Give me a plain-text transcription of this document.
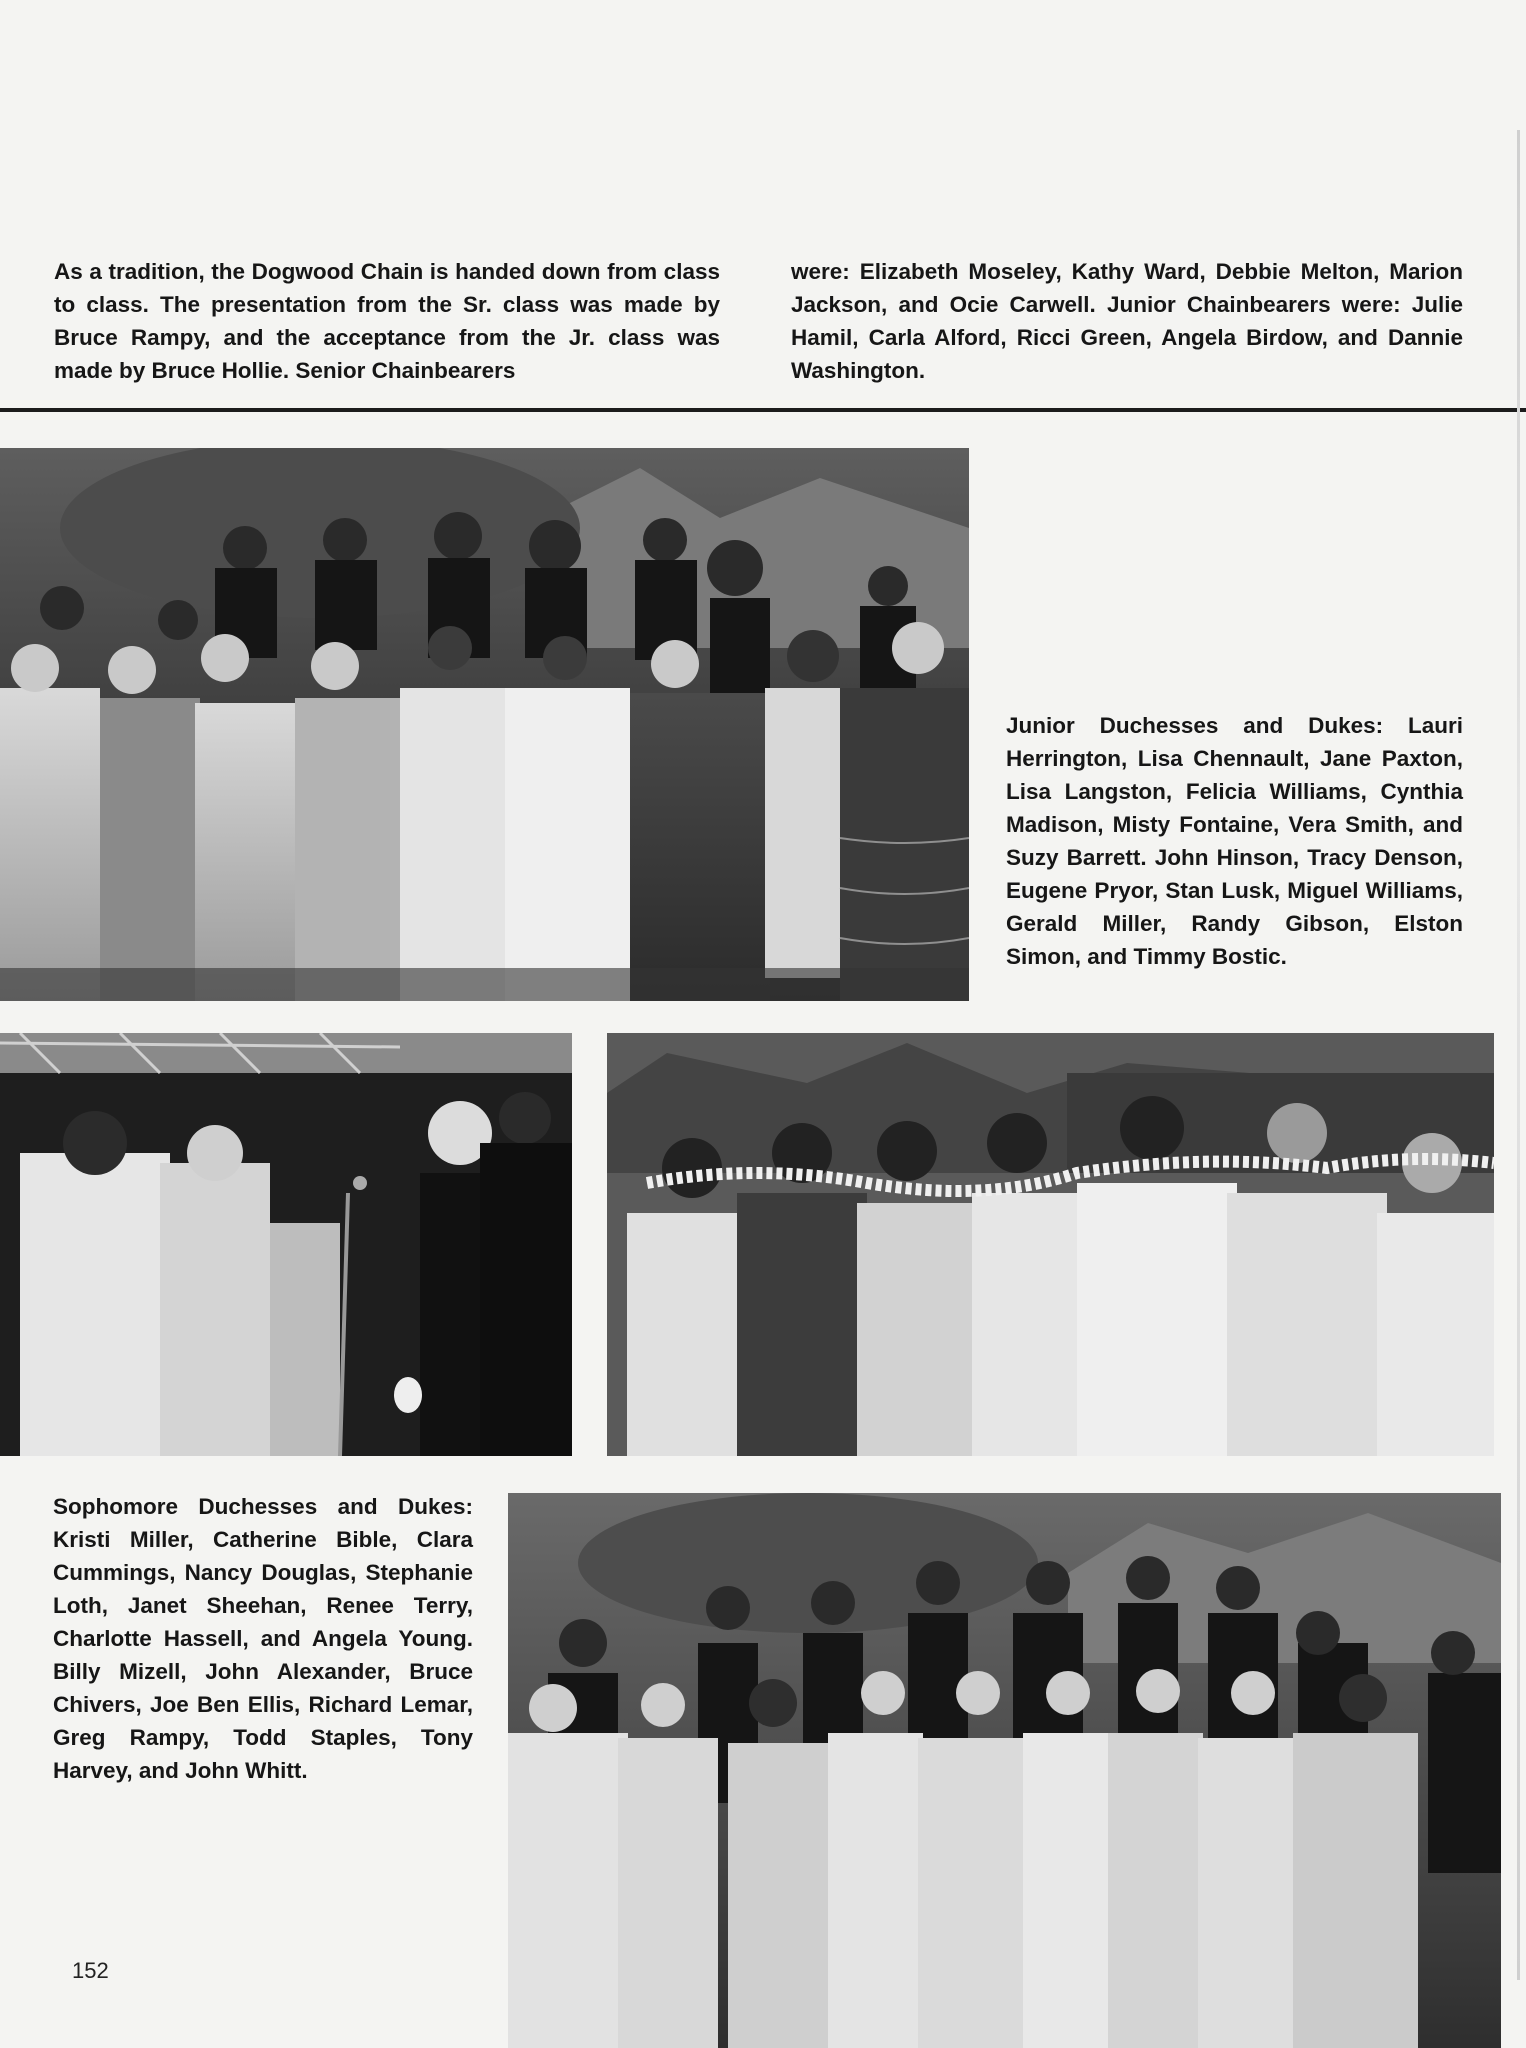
As a tradition, the Dogwood Chain is handed down from class to class. The presentation from the Sr. class was made by Bruce Rampy, and the acceptance from the Jr. class was made by Bruce Hollie. Senior Chainbearers

were: Elizabeth Moseley, Kathy Ward, Debbie Melton, Marion Jackson, and Ocie Carwell. Junior Chainbearers were: Julie Hamil, Carla Alford, Ricci Green, Angela Birdow, and Dannie Washington.

Junior Duchesses and Dukes: Lauri Herrington, Lisa Chennault, Jane Paxton, Lisa Langston, Felicia Williams, Cynthia Madison, Misty Fontaine, Vera Smith, and Suzy Barrett. John Hinson, Tracy Denson, Eugene Pryor, Stan Lusk, Miguel Williams, Gerald Miller, Randy Gibson, Elston Simon, and Timmy Bostic.

Sophomore Duchesses and Dukes: Kristi Miller, Catherine Bible, Clara Cummings, Nancy Douglas, Stephanie Loth, Janet Sheehan, Renee Terry, Charlotte Hassell, and Angela Young. Billy Mizell, John Alexander, Bruce Chivers, Joe Ben Ellis, Richard Lemar, Greg Rampy, Todd Staples, Tony Harvey, and John Whitt.

152
